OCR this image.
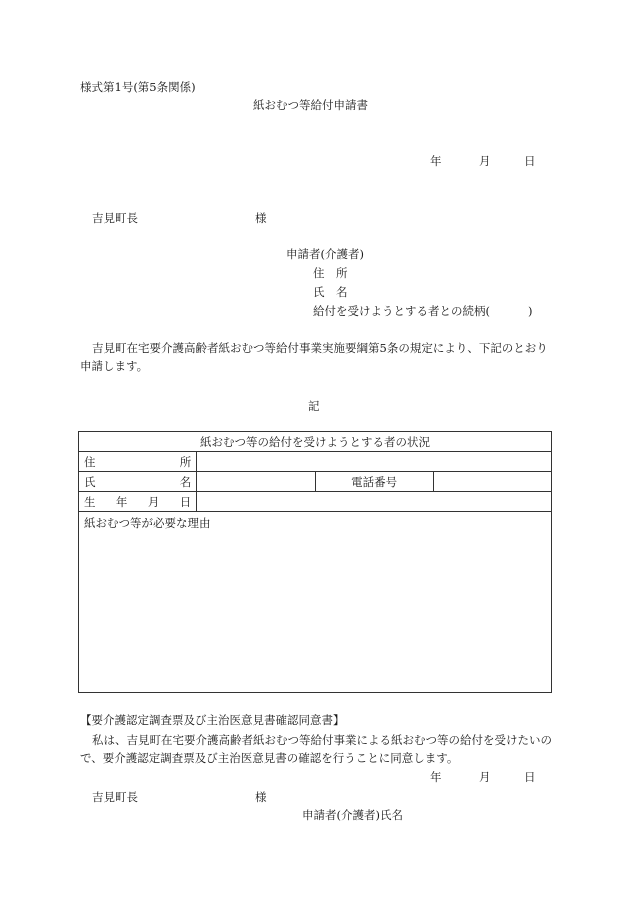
様式第1号(第5条関係)
紙おむつ等給付申請書
年	月	日
吉見町長	様
申請者(介護者)
住　所
氏　名
給付を受けようとする者との続柄(	)
吉見町在宅要介護高齢者紙おむつ等給付事業実施要綱第5条の規定により、下記のとおり申請します。
記
紙おむつ等の給付を受けようとする者の状況			

住 所			

氏 名		電話番号	

生 年 月 日			

紙おむつ等が必要な理由			
【要介護認定調査票及び主治医意見書確認同意書】
私は、吉見町在宅要介護高齢者紙おむつ等給付事業による紙おむつ等の給付を受けたいので、要介護認定調査票及び主治医意見書の確認を行うことに同意します。
年	月	日
吉見町長	様
申請者(介護者)氏名
